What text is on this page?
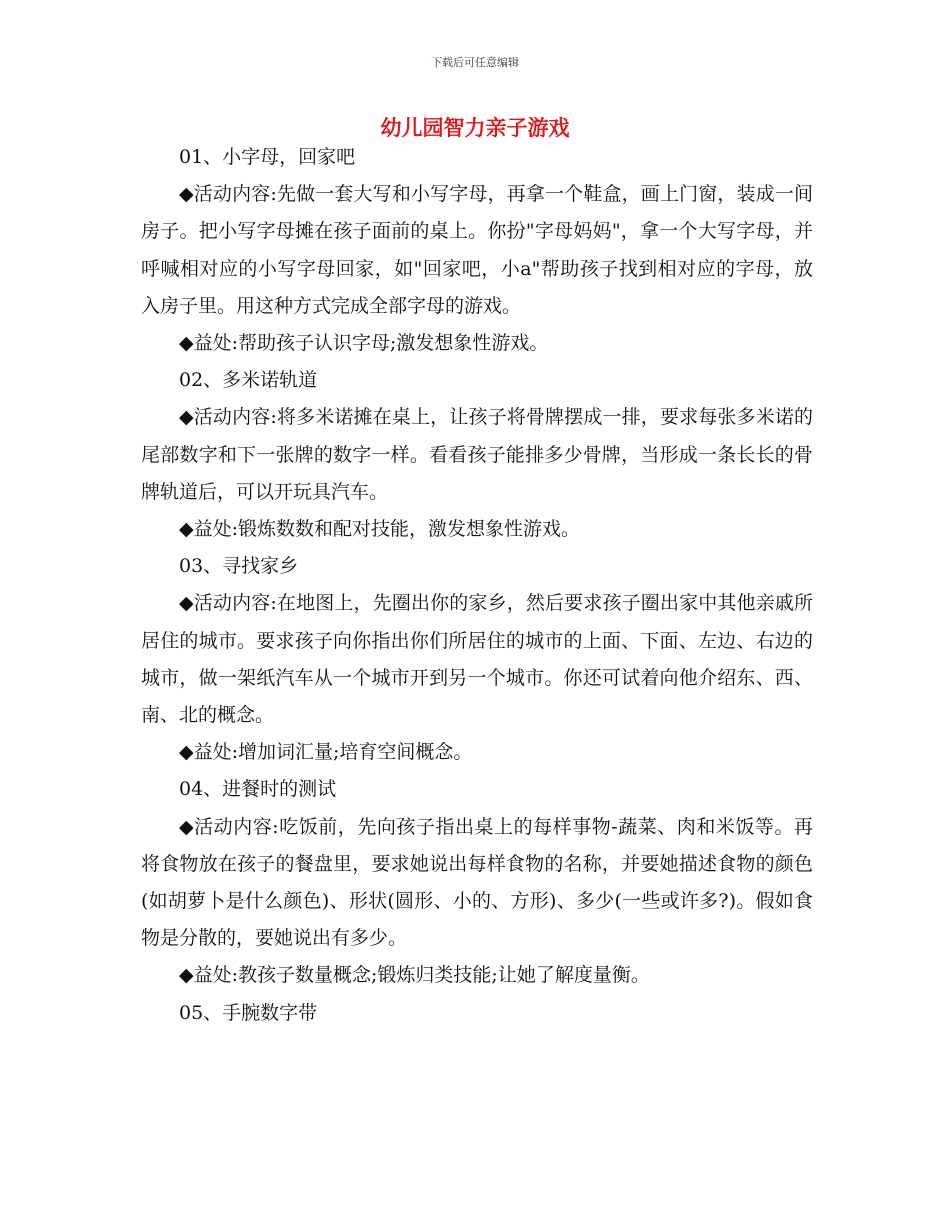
下载后可任意编辑
幼儿园智力亲子游戏

01、小字母，回家吧

◆活动内容:先做一套大写和小写字母，再拿一个鞋盒，画上门窗，装成一间房子。把小写字母摊在孩子面前的桌上。你扮"字母妈妈"，拿一个大写字母，并呼喊相对应的小写字母回家，如"回家吧，小a"帮助孩子找到相对应的字母，放入房子里。用这种方式完成全部字母的游戏。

◆益处:帮助孩子认识字母;激发想象性游戏。

02、多米诺轨道

◆活动内容:将多米诺摊在桌上，让孩子将骨牌摆成一排，要求每张多米诺的尾部数字和下一张牌的数字一样。看看孩子能排多少骨牌，当形成一条长长的骨牌轨道后，可以开玩具汽车。

◆益处:锻炼数数和配对技能，激发想象性游戏。

03、寻找家乡

◆活动内容:在地图上，先圈出你的家乡，然后要求孩子圈出家中其他亲戚所居住的城市。要求孩子向你指出你们所居住的城市的上面、下面、左边、右边的城市，做一架纸汽车从一个城市开到另一个城市。你还可试着向他介绍东、西、南、北的概念。

◆益处:增加词汇量;培育空间概念。

04、进餐时的测试

◆活动内容:吃饭前，先向孩子指出桌上的每样事物-蔬菜、肉和米饭等。再将食物放在孩子的餐盘里，要求她说出每样食物的名称，并要她描述食物的颜色(如胡萝卜是什么颜色)、形状(圆形、小的、方形)、多少(一些或许多?)。假如食物是分散的，要她说出有多少。

◆益处:教孩子数量概念;锻炼归类技能;让她了解度量衡。

05、手腕数字带
